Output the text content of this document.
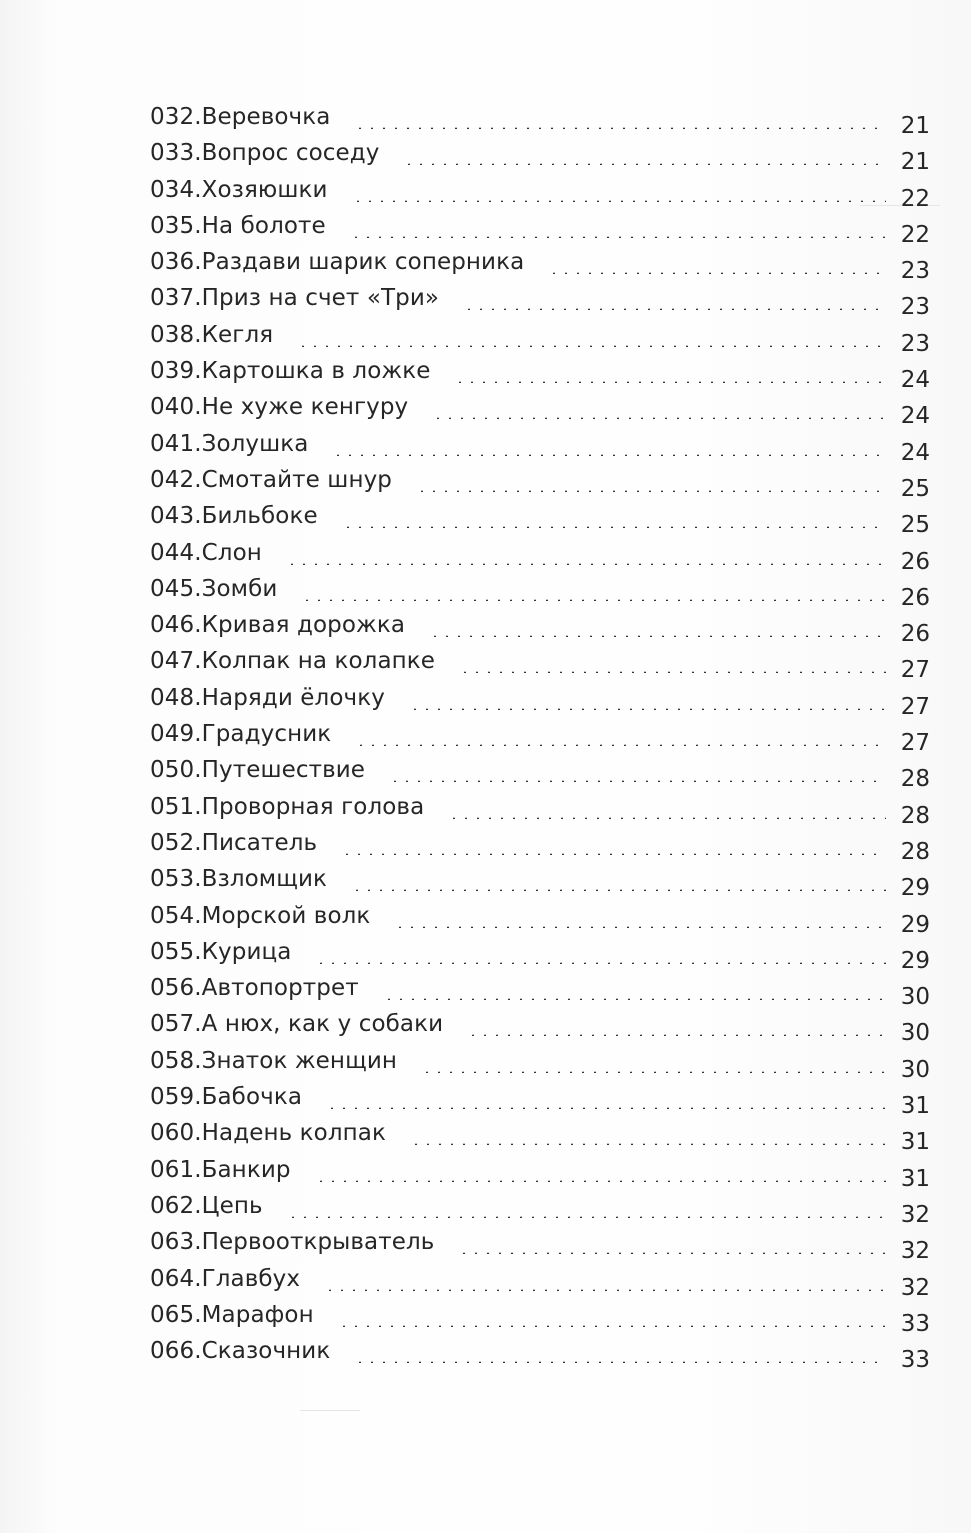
032.Веревочка	21
033.Вопрос соседу	21
034.Хозяюшки	22
035.На болоте	22
036.Раздави шарик соперника	23
037.Приз на счет «Три»	23
038.Кегля	23
039.Картошка в ложке	24
040.Не хуже кенгуру	24
041.Золушка	24
042.Смотайте шнур	25
043.Бильбоке	25
044.Слон	26
045.Зомби	26
046.Кривая дорожка	26
047.Колпак на колапке	27
048.Наряди ёлочку	27
049.Градусник	27
050.Путешествие	28
051.Проворная голова	28
052.Писатель	28
053.Взломщик	29
054.Морской волк	29
055.Курица	29
056.Автопортрет	30
057.А нюх, как у собаки	30
058.Знаток женщин	30
059.Бабочка	31
060.Надень колпак	31
061.Банкир	31
062.Цепь	32
063.Первооткрыватель	32
064.Главбух	32
065.Марафон	33
066.Сказочник	33
